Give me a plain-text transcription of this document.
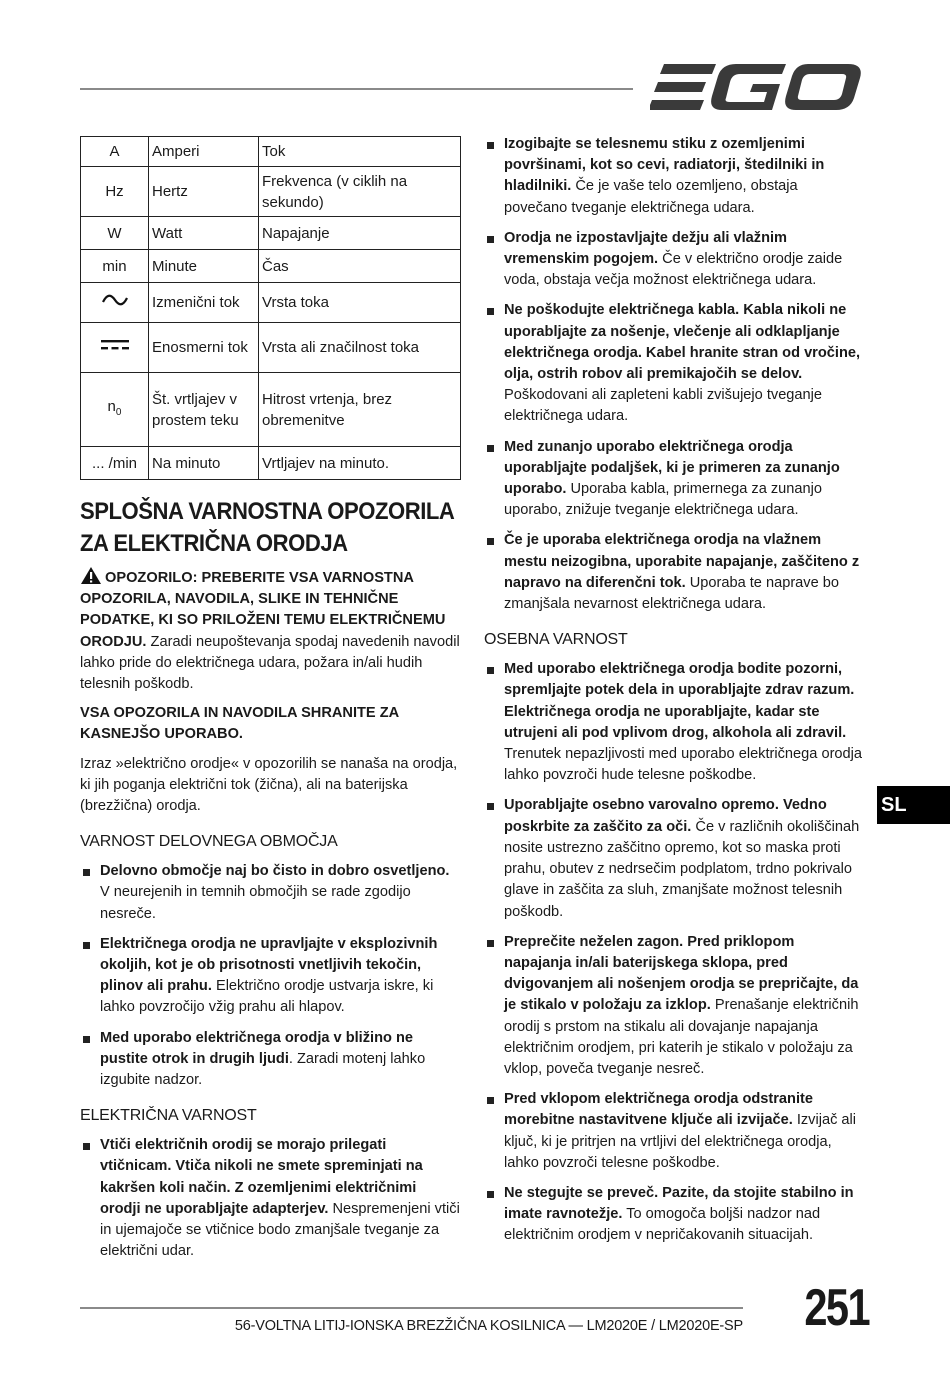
A	Amperi	Tok
Hz	Hertz	Frekvenca (v ciklih na sekundo)
W	Watt	Napajanje
min	Minute	Čas
	Izmenični tok	Vrsta toka
	Enosmerni tok	Vrsta ali značilnost toka
$n_0$	Št. vrtljajev v prostem teku	Hitrost vrtenja, brez obremenitve
... /min	Na minuto	Vrtljajev na minuto.
SPLOŠNA VARNOSTNA OPOZORILA ZA ELEKTRIČNA ORODJA

OPOZORILO: PREBERITE VSA VARNOSTNA OPOZORILA, NAVODILA, SLIKE IN TEHNIČNE PODATKE, KI SO PRILOŽENI TEMU ELEKTRIČNEMU ORODJU. Zaradi neupoštevanja spodaj navedenih navodil lahko pride do električnega udara, požara in/ali hudih telesnih poškodb.

VSA OPOZORILA IN NAVODILA SHRANITE ZA KASNEJŠO UPORABO.

Izraz »električno orodje« v opozorilih se nanaša na orodja, ki jih poganja električni tok (žična), ali na baterijska (brezžična) orodja.

VARNOST DELOVNEGA OBMOČJA
Delovno območje naj bo čisto in dobro osvetljeno. V neurejenih in temnih območjih se rade zgodijo nesreče.
Električnega orodja ne upravljajte v eksplozivnih okoljih, kot je ob prisotnosti vnetljivih tekočin, plinov ali prahu. Električno orodje ustvarja iskre, ki lahko povzročijo vžig prahu ali hlapov.
Med uporabo električnega orodja v bližino ne pustite otrok in drugih ljudi. Zaradi motenj lahko izgubite nadzor.
ELEKTRIČNA VARNOST
Vtiči električnih orodij se morajo prilegati vtičnicam. Vtiča nikoli ne smete spreminjati na kakršen koli način. Z ozemljenimi električnimi orodji ne uporabljajte adapterjev. Nespremenjeni vtiči in ujemajoče se vtičnice bodo zmanjšale tveganje za električni udar.
Izogibajte se telesnemu stiku z ozemljenimi površinami, kot so cevi, radiatorji, štedilniki in hladilniki. Če je vaše telo ozemljeno, obstaja povečano tveganje električnega udara.
Orodja ne izpostavljajte dežju ali vlažnim vremenskim pogojem. Če v električno orodje zaide voda, obstaja večja možnost električnega udara.
Ne poškodujte električnega kabla. Kabla nikoli ne uporabljajte za nošenje, vlečenje ali odklapljanje električnega orodja. Kabel hranite stran od vročine, olja, ostrih robov ali premikajočih se delov. Poškodovani ali zapleteni kabli zvišujejo tveganje električnega udara.
Med zunanjo uporabo električnega orodja uporabljajte podaljšek, ki je primeren za zunanjo uporabo. Uporaba kabla, primernega za zunanjo uporabo, znižuje tveganje električnega udara.
Če je uporaba električnega orodja na vlažnem mestu neizogibna, uporabite napajanje, zaščiteno z napravo na diferenčni tok. Uporaba te naprave bo zmanjšala nevarnost električnega udara.
OSEBNA VARNOST
Med uporabo električnega orodja bodite pozorni, spremljajte potek dela in uporabljajte zdrav razum. Električnega orodja ne uporabljajte, kadar ste utrujeni ali pod vplivom drog, alkohola ali zdravil. Trenutek nepazljivosti med uporabo električnega orodja lahko povzroči hude telesne poškodbe.
Uporabljajte osebno varovalno opremo. Vedno poskrbite za zaščito za oči. Če v različnih okoliščinah nosite ustrezno zaščitno opremo, kot so maska proti prahu, obutev z nedrsečim podplatom, trdno pokrivalo glave in zaščita za sluh, zmanjšate možnost telesnih poškodb.
Preprečite neželen zagon. Pred priklopom napajanja in/ali baterijskega sklopa, pred dvigovanjem ali nošenjem orodja se prepričajte, da je stikalo v položaju za izklop. Prenašanje električnih orodij s prstom na stikalu ali dovajanje napajanja električnim orodjem, pri katerih je stikalo v položaju za vklop, poveča tveganje nesreč.
Pred vklopom električnega orodja odstranite morebitne nastavitvene ključe ali izvijače. Izvijač ali ključ, ki je pritrjen na vrtljivi del električnega orodja, lahko povzroči telesne poškodbe.
Ne stegujte se preveč. Pazite, da stojite stabilno in imate ravnotežje. To omogoča boljši nadzor nad električnim orodjem v nepričakovanih situacijah.
SL
56-VOLTNA LITIJ-IONSKA BREZŽIČNA KOSILNICA — LM2020E / LM2020E-SP 251
